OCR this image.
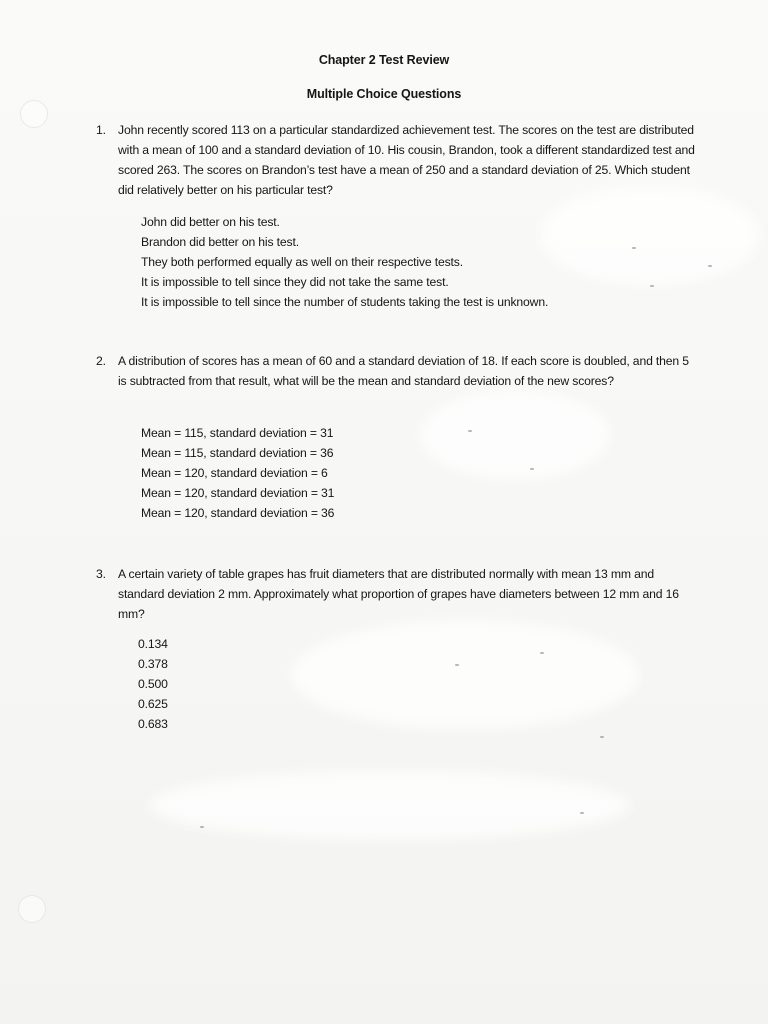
Chapter 2 Test Review
Multiple Choice Questions
1. John recently scored 113 on a particular standardized achievement test. The scores on the test are distributed with a mean of 100 and a standard deviation of 10. His cousin, Brandon, took a different standardized test and scored 263. The scores on Brandon’s test have a mean of 250 and a standard deviation of 25. Which student did relatively better on his particular test?
John did better on his test.
Brandon did better on his test.
They both performed equally as well on their respective tests.
It is impossible to tell since they did not take the same test.
It is impossible to tell since the number of students taking the test is unknown.
2. A distribution of scores has a mean of 60 and a standard deviation of 18. If each score is doubled, and then 5 is subtracted from that result, what will be the mean and standard deviation of the new scores?
Mean = 115, standard deviation = 31
Mean = 115, standard deviation = 36
Mean = 120, standard deviation = 6
Mean = 120, standard deviation = 31
Mean = 120, standard deviation = 36
3. A certain variety of table grapes has fruit diameters that are distributed normally with mean 13 mm and standard deviation 2 mm. Approximately what proportion of grapes have diameters between 12 mm and 16 mm?
0.134
0.378
0.500
0.625
0.683
